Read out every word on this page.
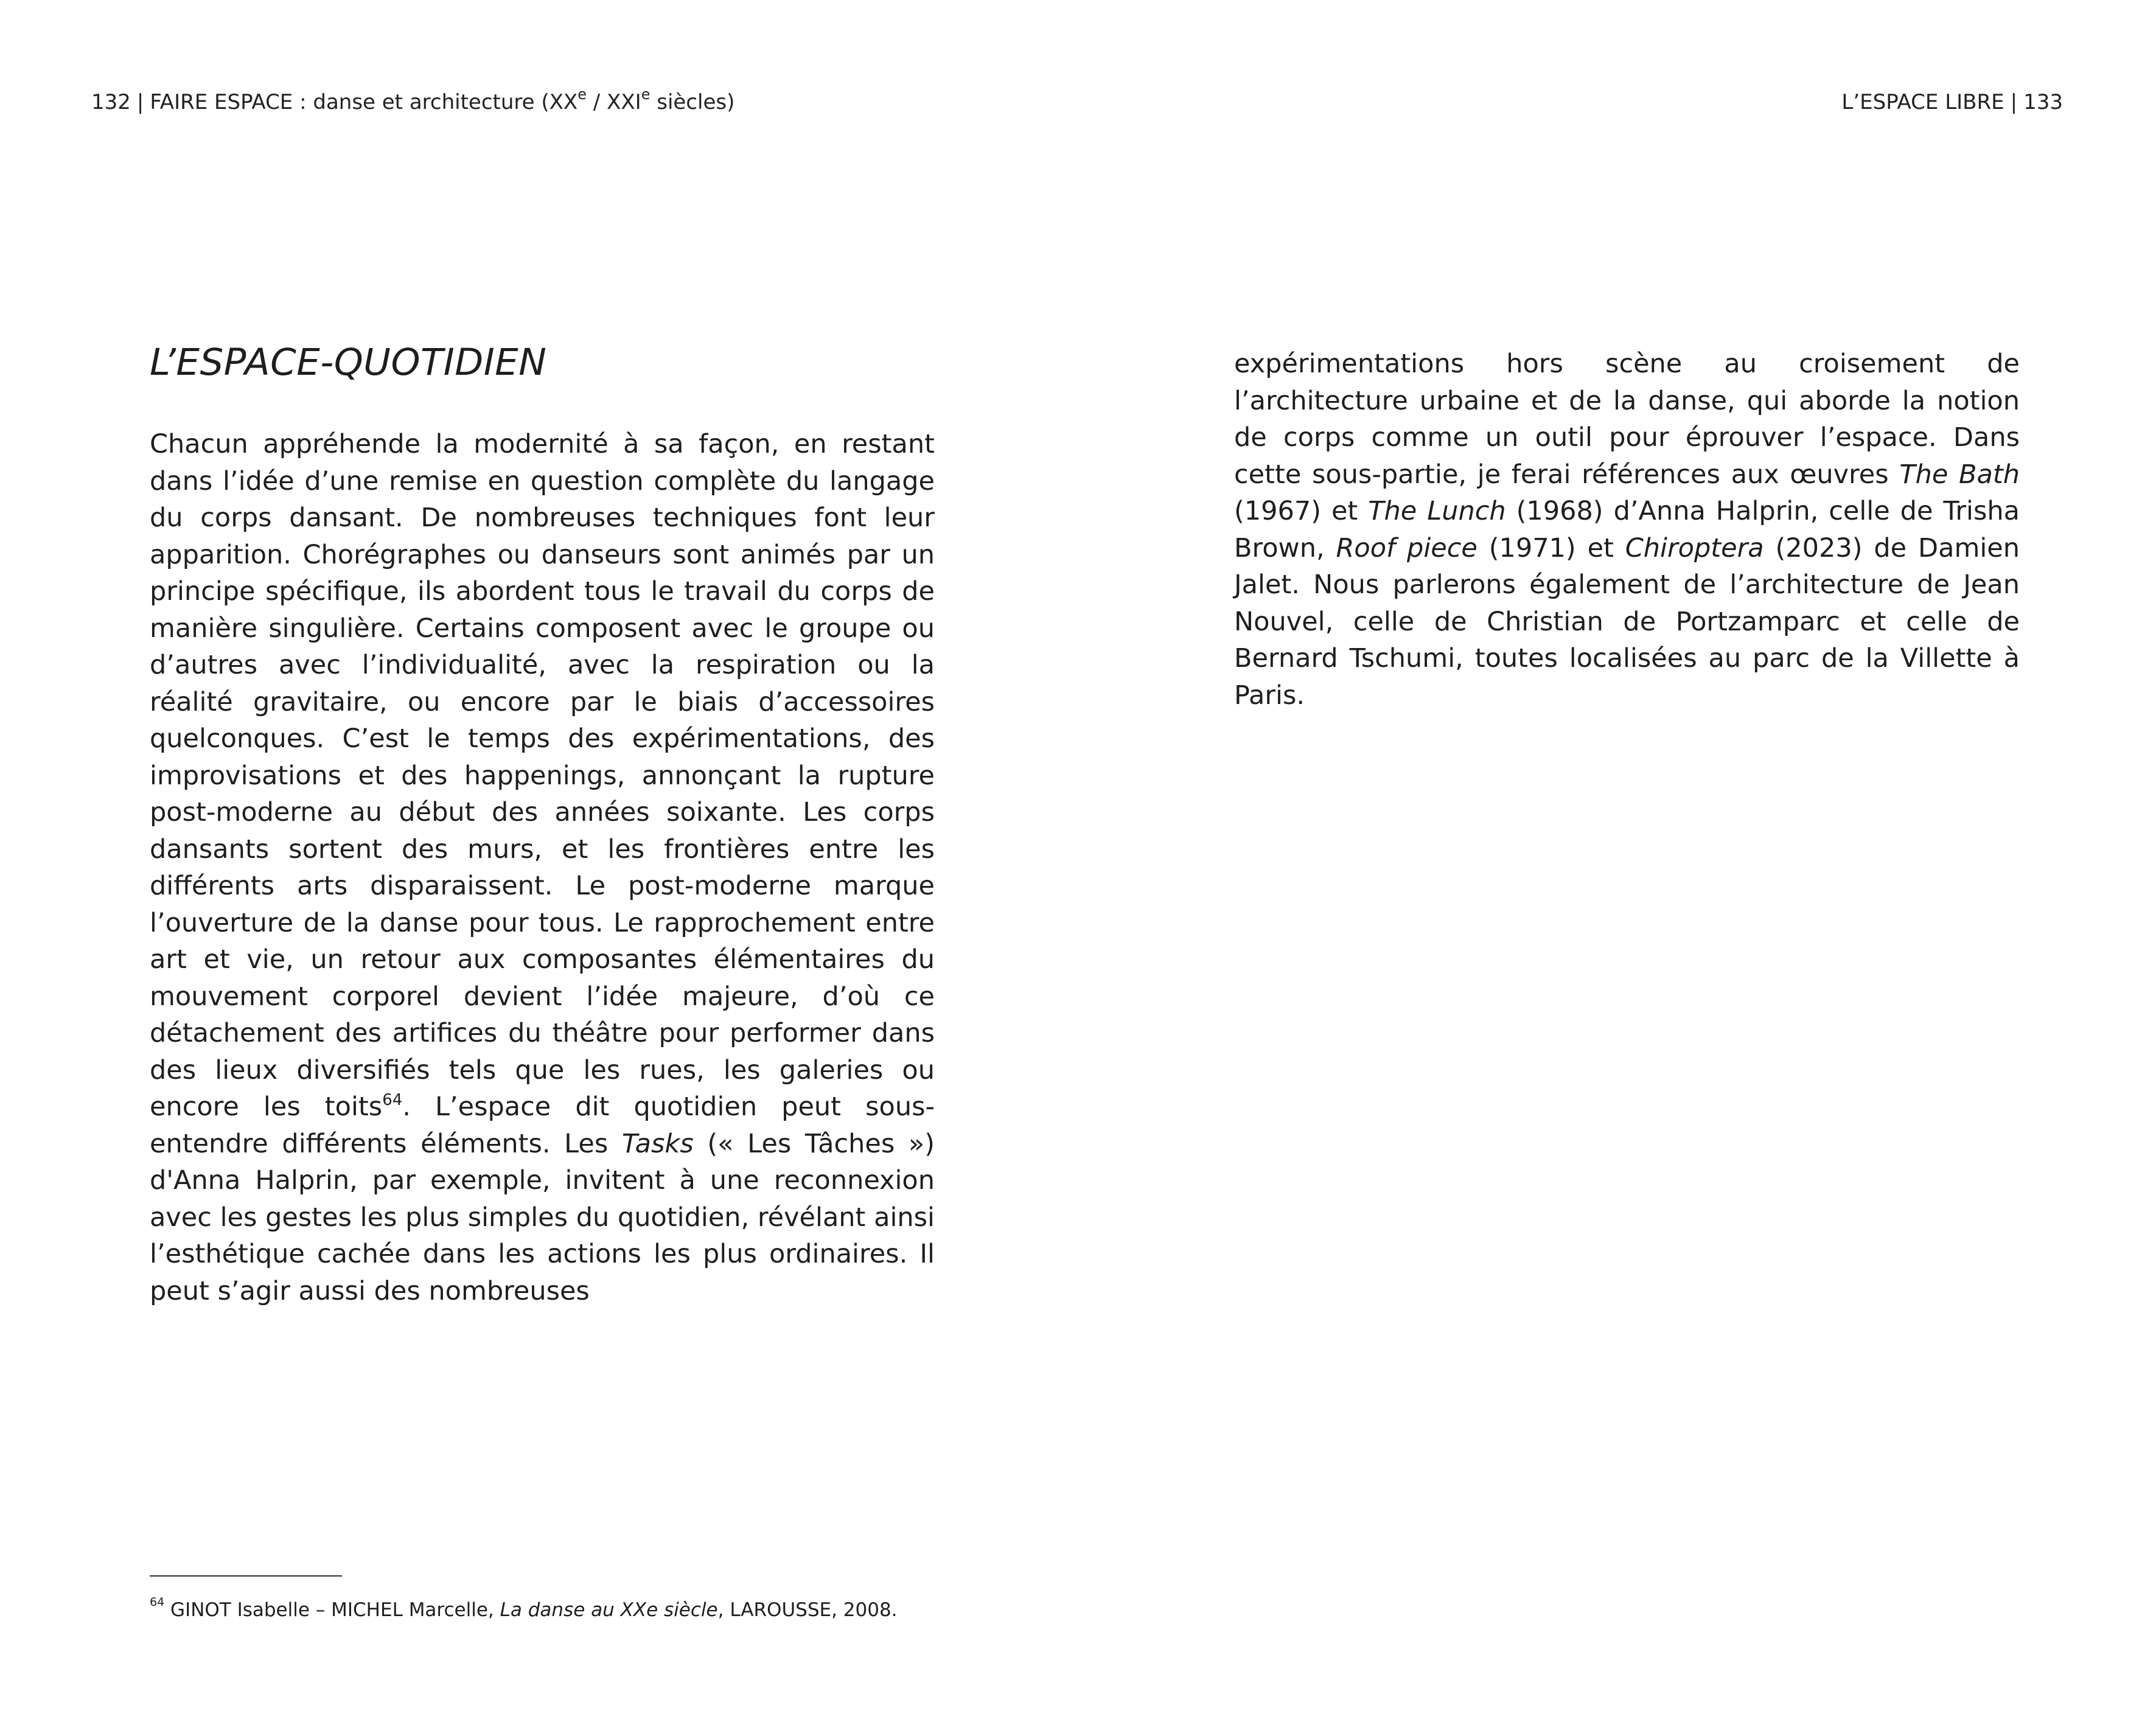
132 | FAIRE ESPACE : danse et architecture (XXe / XXIe siècles)
L’ESPACE-QUOTIDIEN

Chacun appréhende la modernité à sa façon, en restant dans l’idée d’une remise en question complète du langage du corps dansant. De nombreuses techniques font leur apparition. Chorégraphes ou danseurs sont animés par un principe spécifique, ils abordent tous le travail du corps de manière singulière. Certains composent avec le groupe ou d’autres avec l’individualité, avec la respiration ou la réalité gravitaire, ou encore par le biais d’accessoires quelconques. C’est le temps des expérimentations, des improvisations et des happenings, annonçant la rupture post-moderne au début des années soixante. Les corps dansants sortent des murs, et les frontières entre les différents arts disparaissent. Le post-moderne marque l’ouverture de la danse pour tous. Le rapprochement entre art et vie, un retour aux composantes élémentaires du mouvement corporel devient l’idée majeure, d’où ce détachement des artifices du théâtre pour performer dans des lieux diversifiés tels que les rues, les galeries ou encore les toits$^{64}$. L’espace dit quotidien peut sous-entendre différents éléments. Les Tasks (« Les Tâches ») d'Anna Halprin, par exemple, invitent à une reconnexion avec les gestes les plus simples du quotidien, révélant ainsi l’esthétique cachée dans les actions les plus ordinaires. Il peut s’agir aussi des nombreuses

$^{64}$ GINOT Isabelle – MICHEL Marcelle, La danse au XXe siècle, LAROUSSE, 2008.

L’ESPACE LIBRE | 133

expérimentations hors scène au croisement de l’architecture urbaine et de la danse, qui aborde la notion de corps comme un outil pour éprouver l’espace. Dans cette sous-partie, je ferai références aux œuvres The Bath (1967) et The Lunch (1968) d’Anna Halprin, celle de Trisha Brown, Roof piece (1971) et Chiroptera (2023) de Damien Jalet. Nous parlerons également de l’architecture de Jean Nouvel, celle de Christian de Portzamparc et celle de Bernard Tschumi, toutes localisées au parc de la Villette à Paris.
